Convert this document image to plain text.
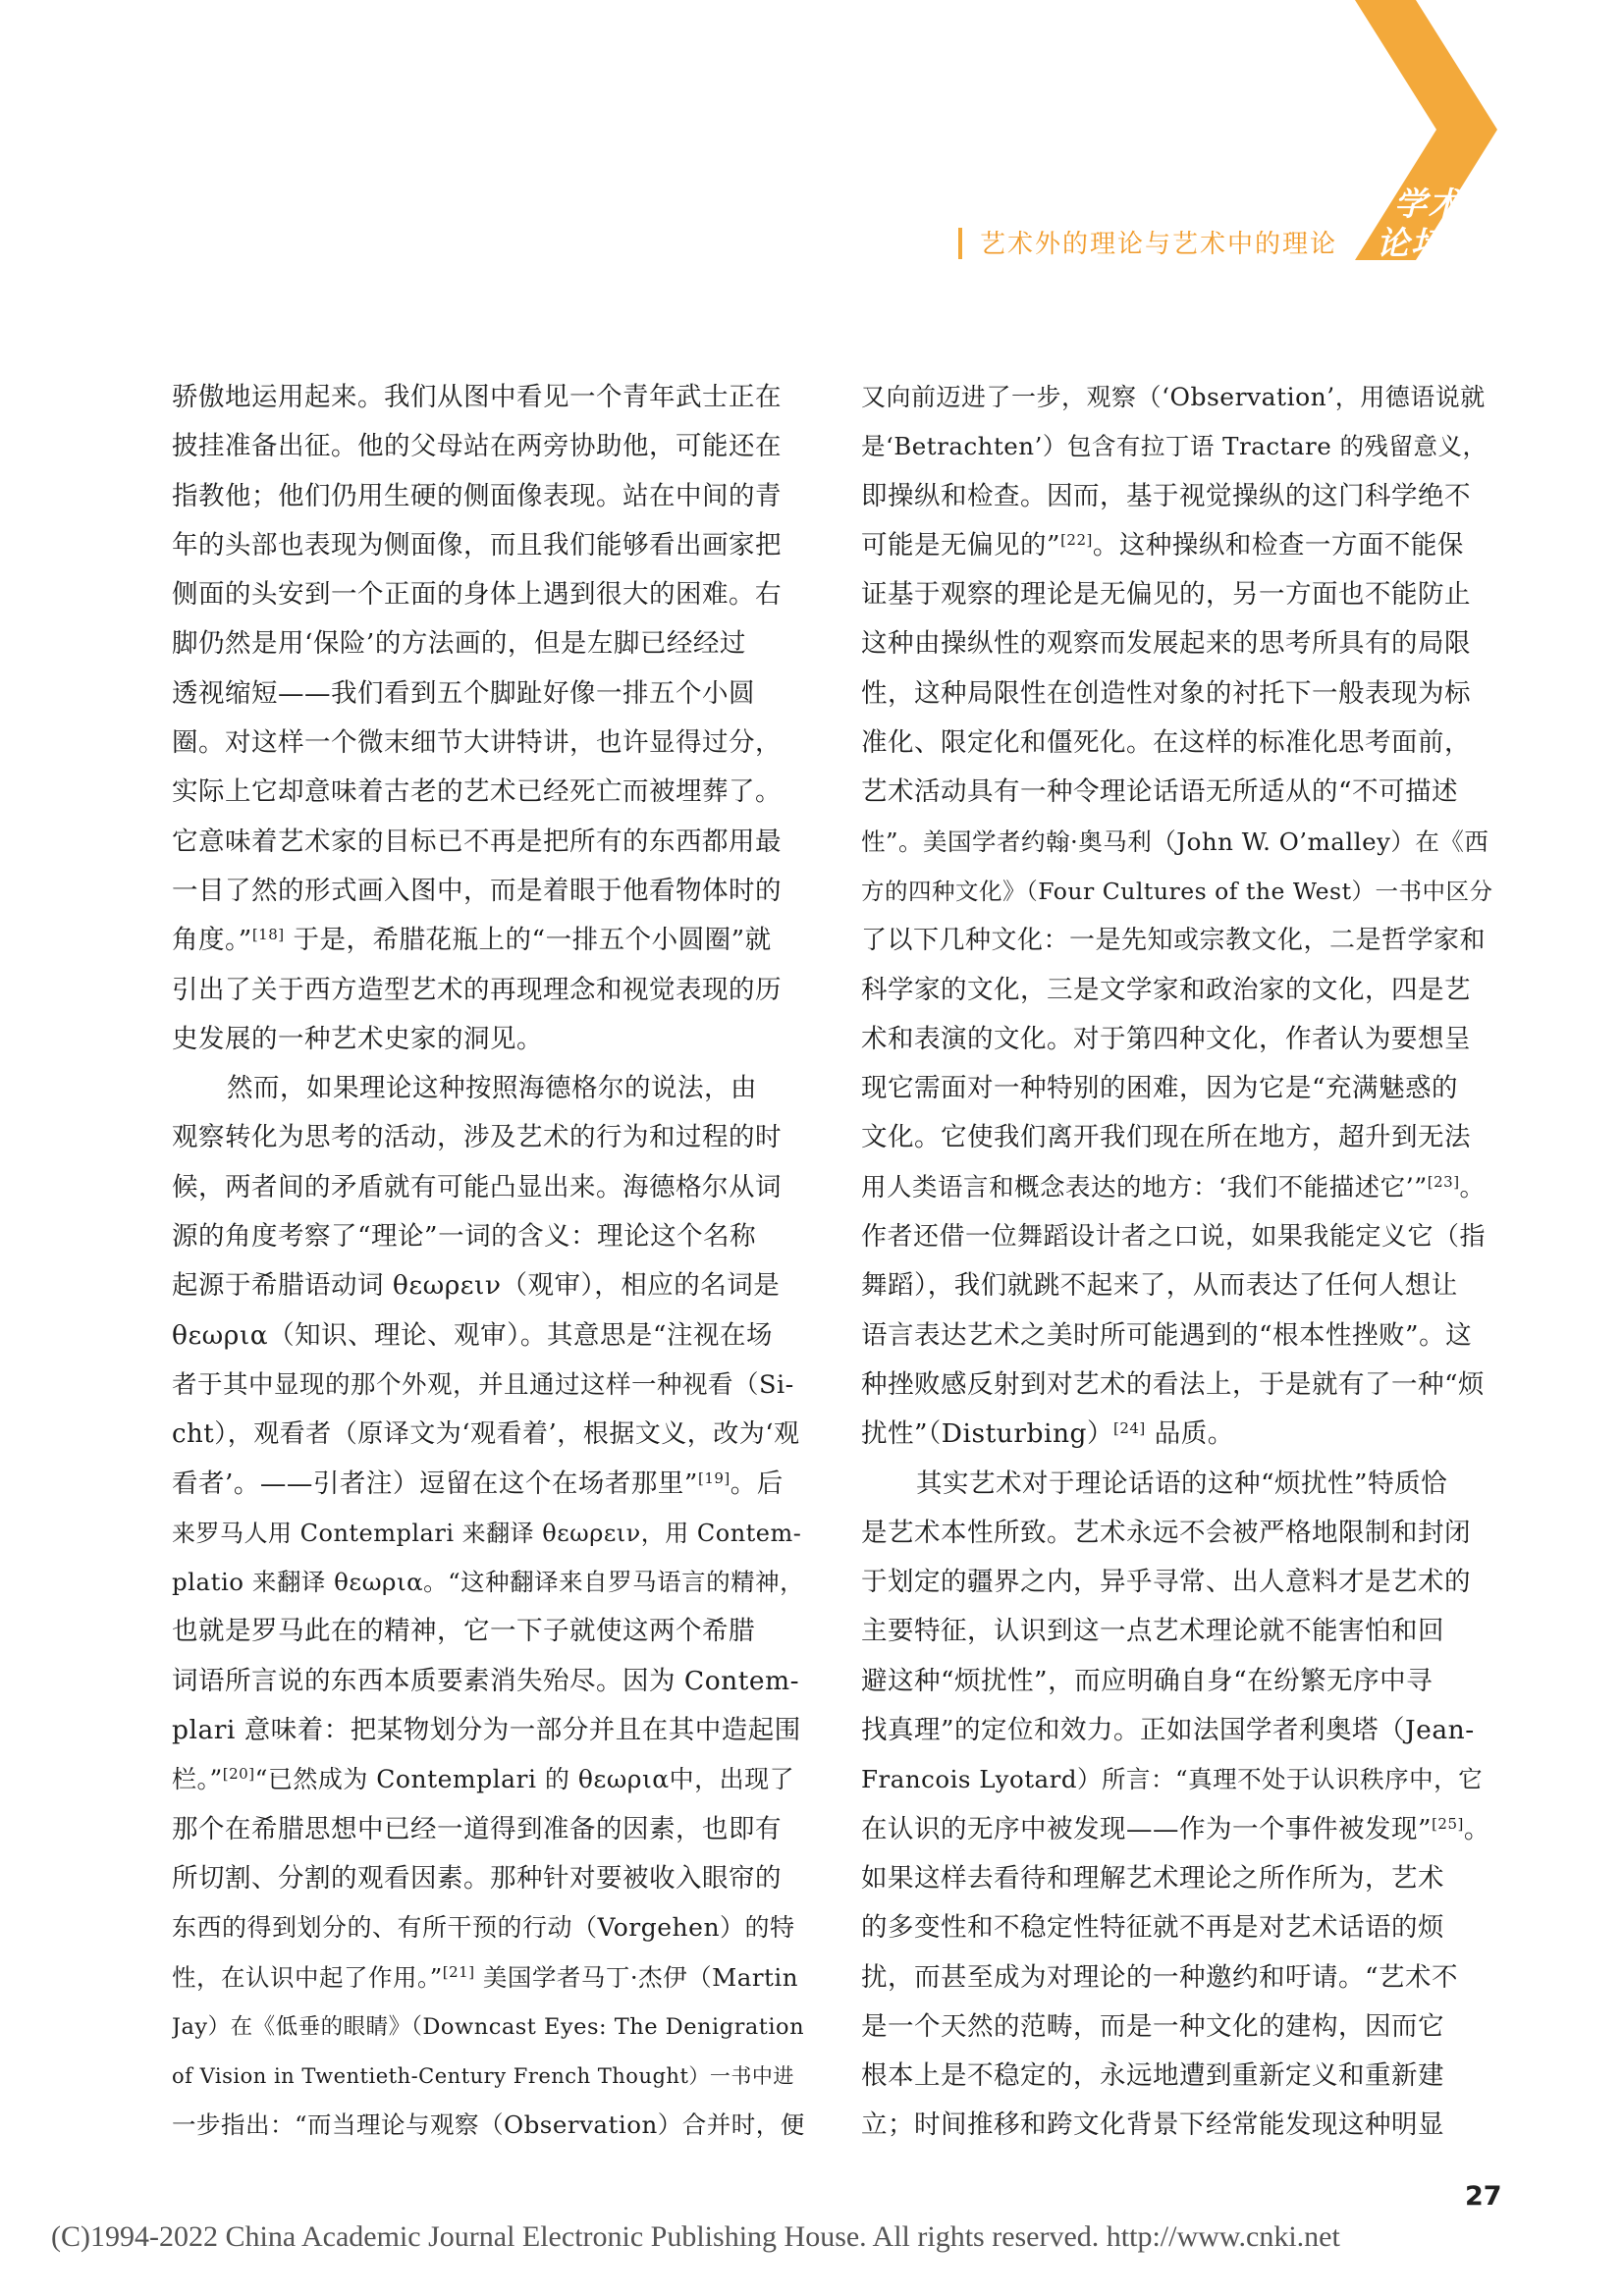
艺术外的理论与艺术中的理论
学术
论坛
骄傲地运用起来。我们从图中看见一个青年武士正在
披挂准备出征。他的父母站在两旁协助他，可能还在
指教他；他们仍用生硬的侧面像表现。站在中间的青
年的头部也表现为侧面像，而且我们能够看出画家把
侧面的头安到一个正面的身体上遇到很大的困难。右
脚仍然是用‘保险’的方法画的，但是左脚已经经过
透视缩短——我们看到五个脚趾好像一排五个小圆
圈。对这样一个微末细节大讲特讲，也许显得过分，
实际上它却意味着古老的艺术已经死亡而被埋葬了。
它意味着艺术家的目标已不再是把所有的东西都用最
一目了然的形式画入图中，而是着眼于他看物体时的
角度。”[18] 于是，希腊花瓶上的“一排五个小圆圈”就
引出了关于西方造型艺术的再现理念和视觉表现的历
史发展的一种艺术史家的洞见。
然而，如果理论这种按照海德格尔的说法，由
观察转化为思考的活动，涉及艺术的行为和过程的时
候，两者间的矛盾就有可能凸显出来。海德格尔从词
源的角度考察了“理论”一词的含义：理论这个名称
起源于希腊语动词 θεωρειν（观审），相应的名词是
θεωρια（知识、理论、观审）。其意思是“注视在场
者于其中显现的那个外观，并且通过这样一种视看（Si-
cht），观看者（原译文为‘观看着’，根据文义，改为‘观
看者’。——引者注）逗留在这个在场者那里”[19]。后
来罗马人用 Contemplari 来翻译 θεωρειν，用 Contem-
platio 来翻译 θεωρια。“这种翻译来自罗马语言的精神，
也就是罗马此在的精神，它一下子就使这两个希腊
词语所言说的东西本质要素消失殆尽。因为 Contem-
plari 意味着：把某物划分为一部分并且在其中造起围
栏。”[20]“已然成为 Contemplari 的 θεωρια中，出现了
那个在希腊思想中已经一道得到准备的因素，也即有
所切割、分割的观看因素。那种针对要被收入眼帘的
东西的得到划分的、有所干预的行动（Vorgehen）的特
性，在认识中起了作用。”[21] 美国学者马丁·杰伊（Martin
Jay）在《低垂的眼睛》（Downcast Eyes: The Denigration
of Vision in Twentieth-Century French Thought）一书中进
一步指出：“而当理论与观察（Observation）合并时，便
又向前迈进了一步，观察（‘Observation’，用德语说就
是‘Betrachten’）包含有拉丁语 Tractare 的残留意义，
即操纵和检查。因而，基于视觉操纵的这门科学绝不
可能是无偏见的”[22]。这种操纵和检查一方面不能保
证基于观察的理论是无偏见的，另一方面也不能防止
这种由操纵性的观察而发展起来的思考所具有的局限
性，这种局限性在创造性对象的衬托下一般表现为标
准化、限定化和僵死化。在这样的标准化思考面前，
艺术活动具有一种令理论话语无所适从的“不可描述
性”。美国学者约翰·奥马利（John W. O’malley）在《西
方的四种文化》（Four Cultures of the West）一书中区分
了以下几种文化：一是先知或宗教文化，二是哲学家和
科学家的文化，三是文学家和政治家的文化，四是艺
术和表演的文化。对于第四种文化，作者认为要想呈
现它需面对一种特别的困难，因为它是“充满魅惑的
文化。它使我们离开我们现在所在地方，超升到无法
用人类语言和概念表达的地方：‘我们不能描述它’”[23]。
作者还借一位舞蹈设计者之口说，如果我能定义它（指
舞蹈），我们就跳不起来了，从而表达了任何人想让
语言表达艺术之美时所可能遇到的“根本性挫败”。这
种挫败感反射到对艺术的看法上，于是就有了一种“烦
扰性”（Disturbing）[24] 品质。
其实艺术对于理论话语的这种“烦扰性”特质恰
是艺术本性所致。艺术永远不会被严格地限制和封闭
于划定的疆界之内，异乎寻常、出人意料才是艺术的
主要特征，认识到这一点艺术理论就不能害怕和回
避这种“烦扰性”，而应明确自身“在纷繁无序中寻
找真理”的定位和效力。正如法国学者利奥塔（Jean-
Francois Lyotard）所言：“真理不处于认识秩序中，它
在认识的无序中被发现——作为一个事件被发现”[25]。
如果这样去看待和理解艺术理论之所作所为，艺术
的多变性和不稳定性特征就不再是对艺术话语的烦
扰，而甚至成为对理论的一种邀约和吁请。“艺术不
是一个天然的范畴，而是一种文化的建构，因而它
根本上是不稳定的，永远地遭到重新定义和重新建
立；时间推移和跨文化背景下经常能发现这种明显
27
(C)1994-2022 China Academic Journal Electronic Publishing House. All rights reserved. http://www.cnki.net
